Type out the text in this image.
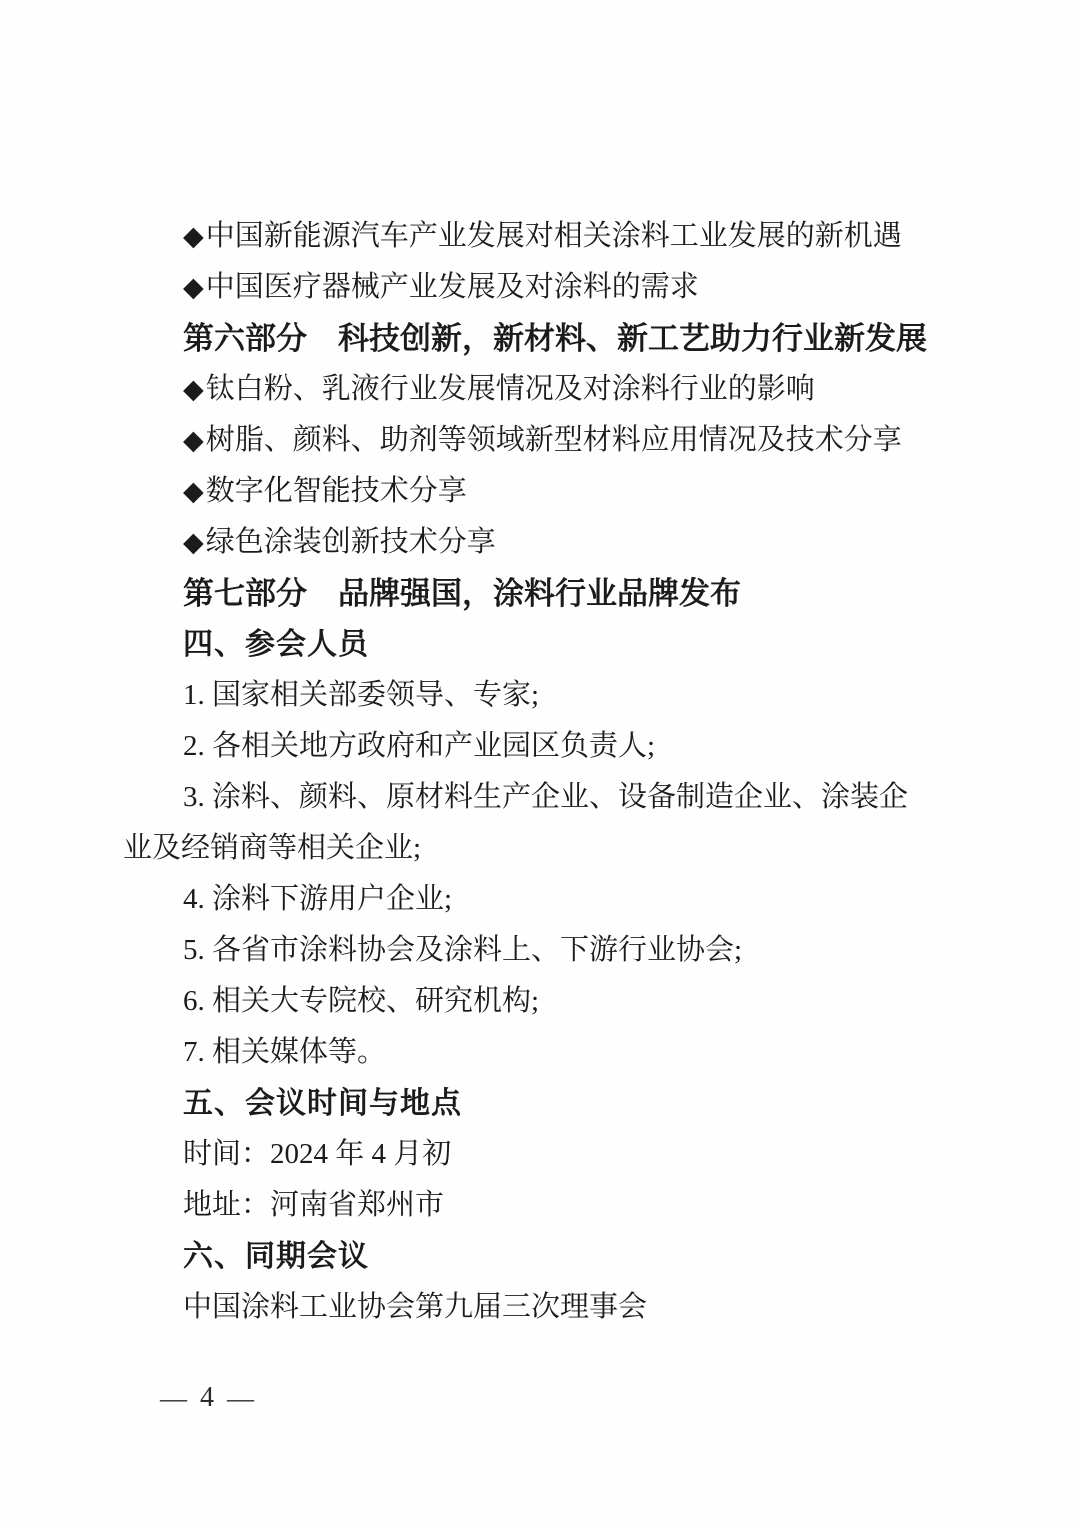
◆中国新能源汽车产业发展对相关涂料工业发展的新机遇

◆中国医疗器械产业发展及对涂料的需求

第六部分　科技创新，新材料、新工艺助力行业新发展

◆钛白粉、乳液行业发展情况及对涂料行业的影响

◆树脂、颜料、助剂等领域新型材料应用情况及技术分享

◆数字化智能技术分享

◆绿色涂装创新技术分享

第七部分　品牌强国，涂料行业品牌发布

四、参会人员

1. 国家相关部委领导、专家;

2. 各相关地方政府和产业园区负责人;

3. 涂料、颜料、原材料生产企业、设备制造企业、涂装企

业及经销商等相关企业;

4. 涂料下游用户企业;

5. 各省市涂料协会及涂料上、下游行业协会;

6. 相关大专院校、研究机构;

7. 相关媒体等。

五、会议时间与地点

时间：2024 年 4 月初

地址：河南省郑州市

六、同期会议

中国涂料工业协会第九届三次理事会

— 4 —
